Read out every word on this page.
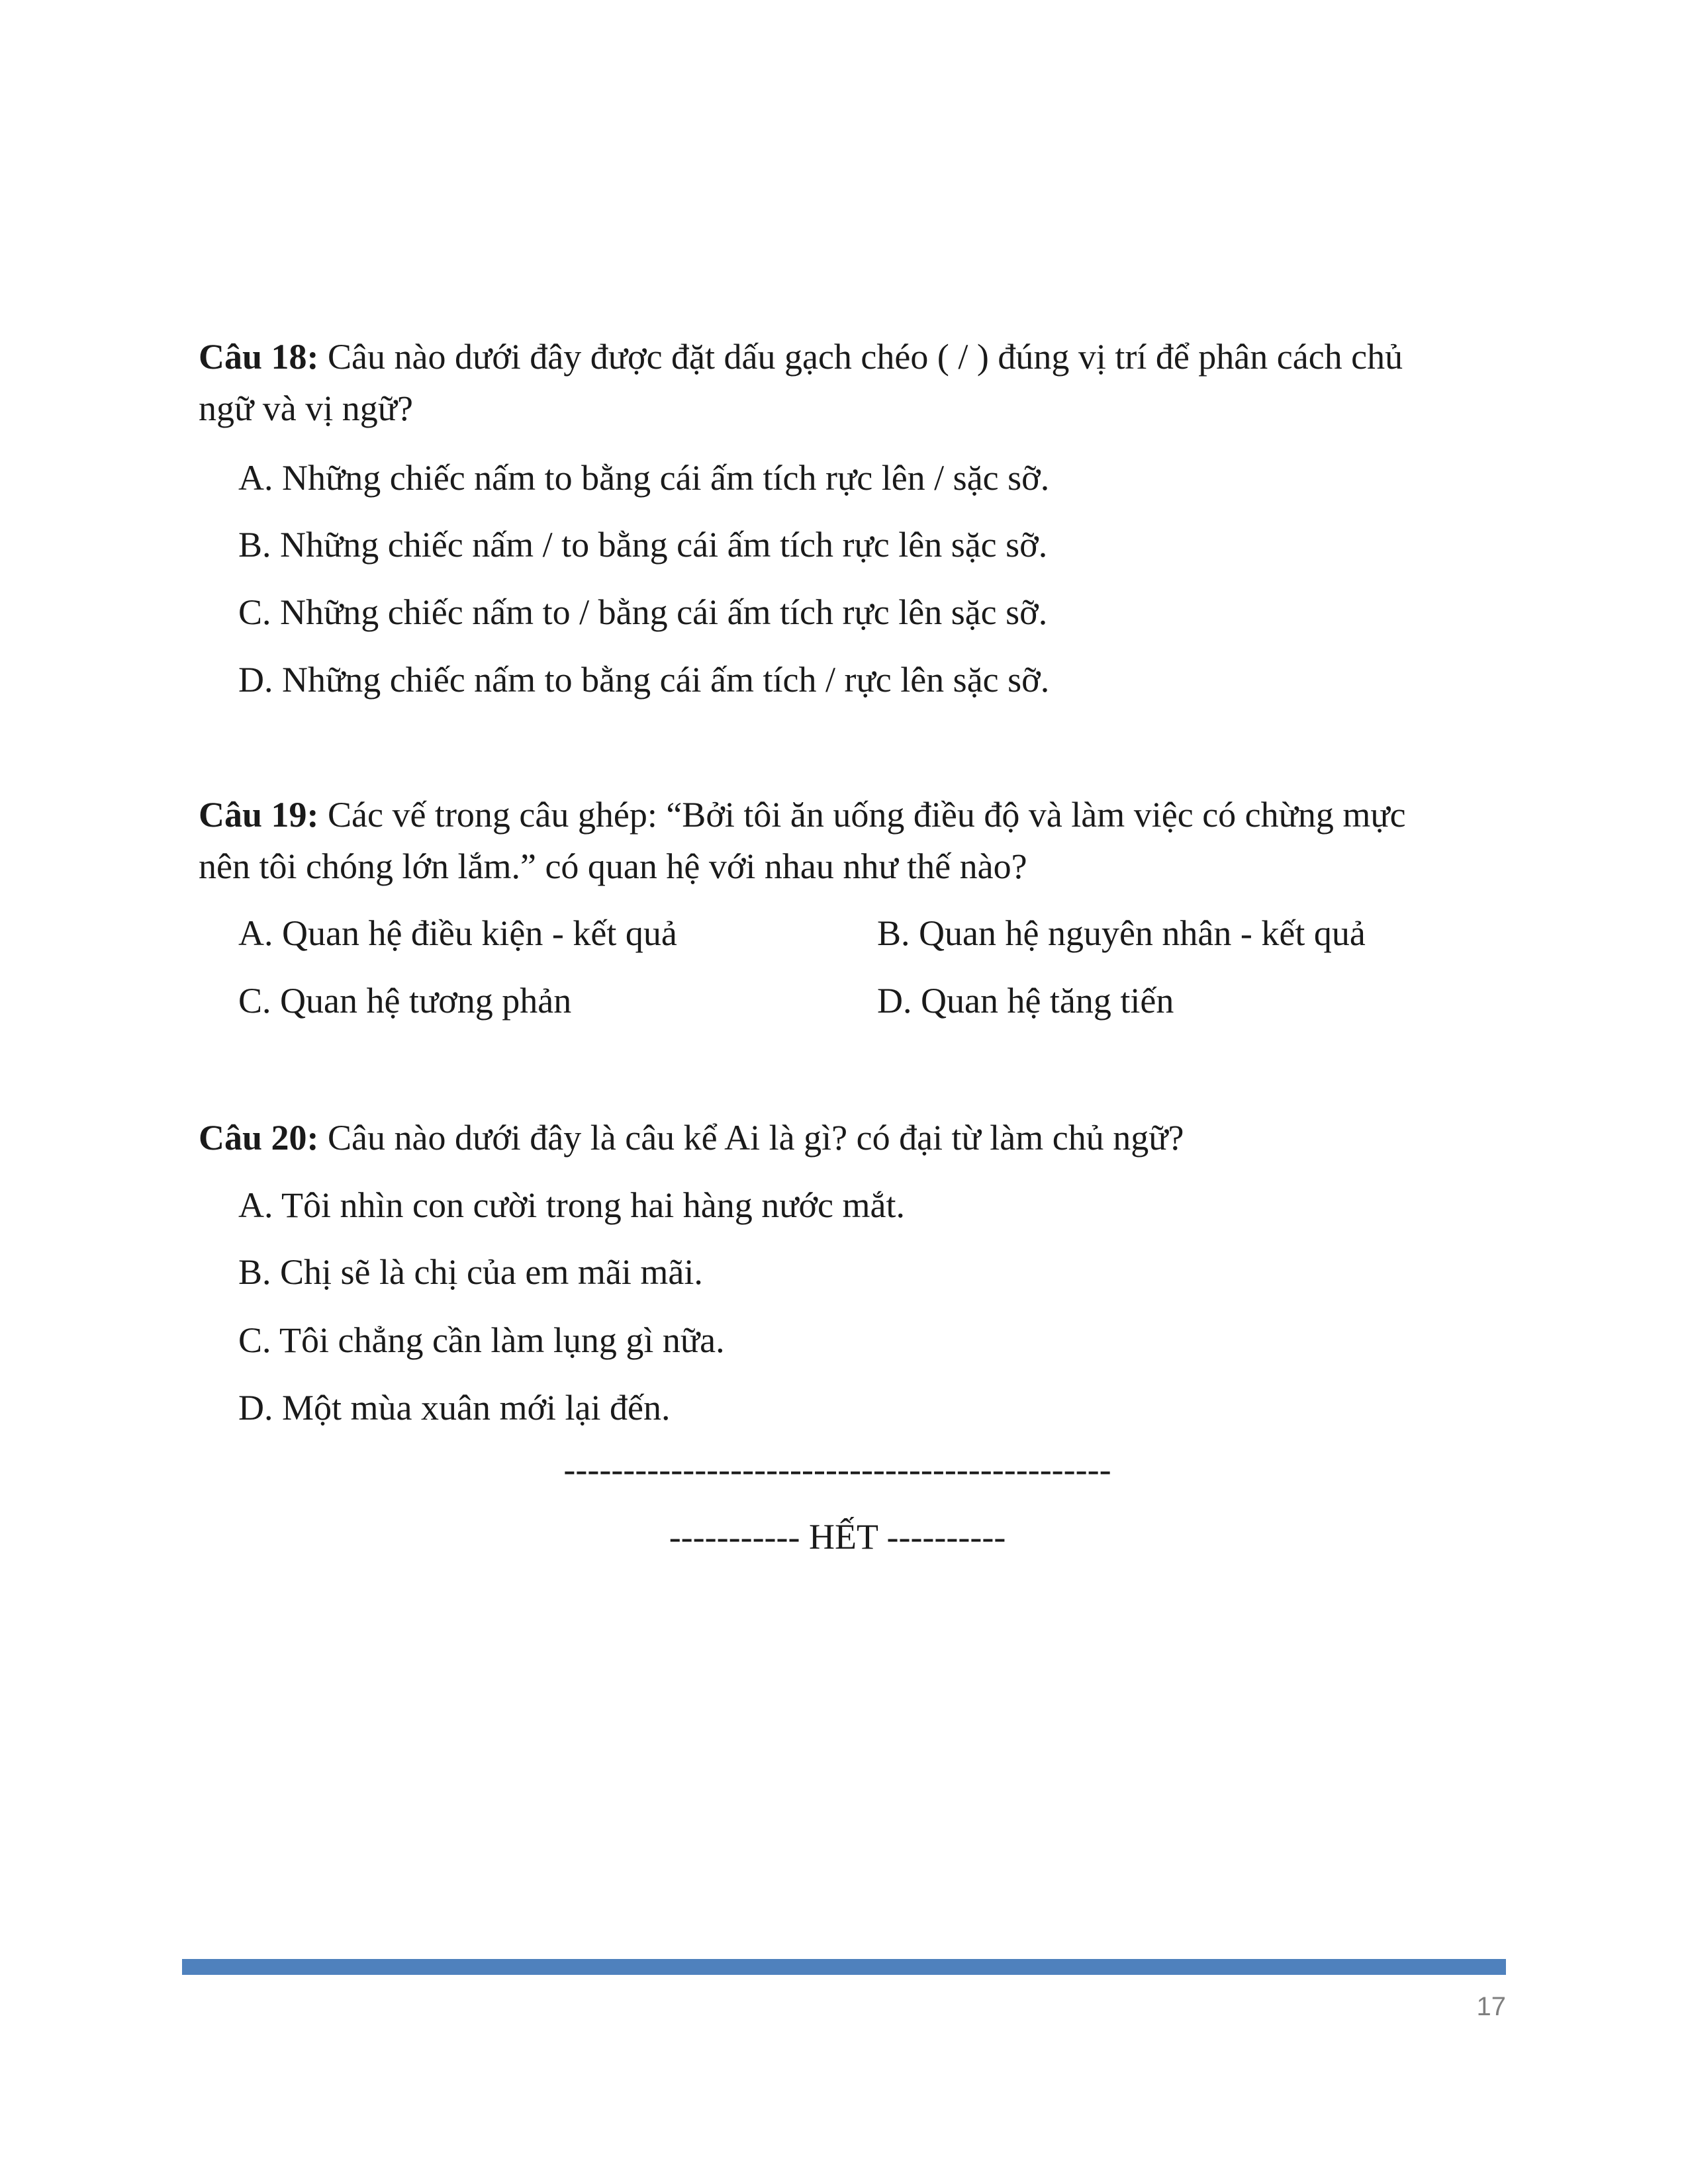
Câu 18: Câu nào dưới đây được đặt dấu gạch chéo ( / ) đúng vị trí để phân cách chủ ngữ và vị ngữ?
A. Những chiếc nấm to bằng cái ấm tích rực lên / sặc sỡ.
B. Những chiếc nấm / to bằng cái ấm tích rực lên sặc sỡ.
C. Những chiếc nấm to / bằng cái ấm tích rực lên sặc sỡ.
D. Những chiếc nấm to bằng cái ấm tích / rực lên sặc sỡ.
Câu 19: Các vế trong câu ghép: “Bởi tôi ăn uống điều độ và làm việc có chừng mực nên tôi chóng lớn lắm.” có quan hệ với nhau như thế nào?
A. Quan hệ điều kiện - kết quả	B. Quan hệ nguyên nhân - kết quả
C. Quan hệ tương phản	D. Quan hệ tăng tiến
Câu 20: Câu nào dưới đây là câu kể Ai là gì? có đại từ làm chủ ngữ?
A. Tôi nhìn con cười trong hai hàng nước mắt.
B. Chị sẽ là chị của em mãi mãi.
C. Tôi chẳng cần làm lụng gì nữa.
D. Một mùa xuân mới lại đến.
----------------------------------------------
----------- HẾT ----------
17
